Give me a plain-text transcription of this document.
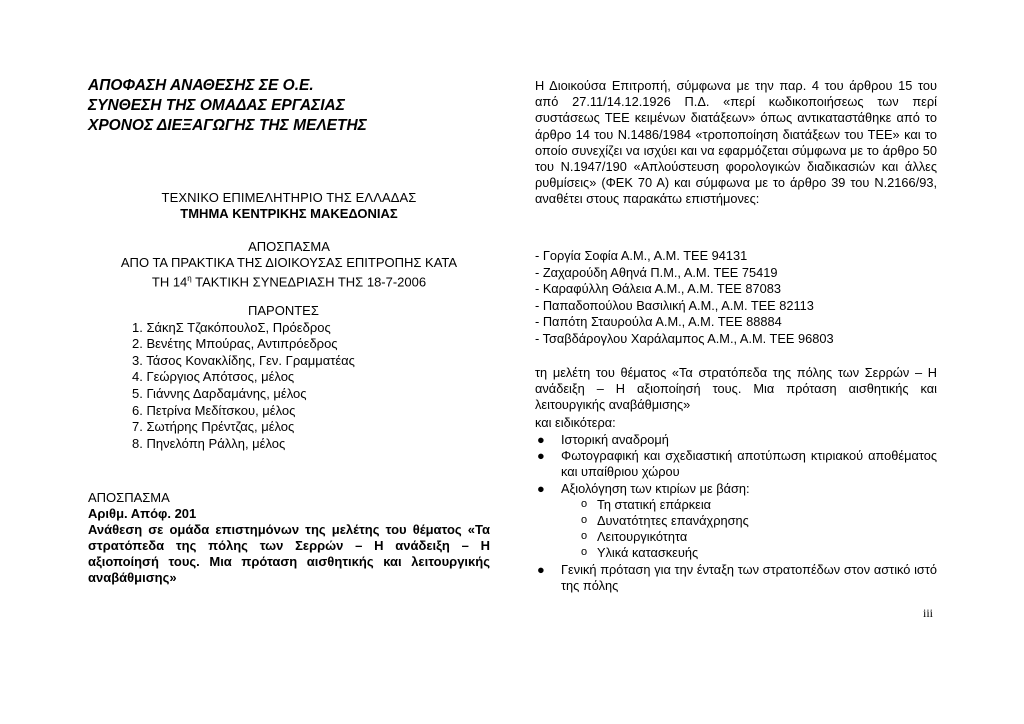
ΑΠΟΦΑΣΗ ΑΝΑΘΕΣΗΣ ΣΕ Ο.Ε.
ΣΥΝΘΕΣΗ ΤΗΣ ΟΜΑΔΑΣ ΕΡΓΑΣΙΑΣ
ΧΡΟΝΟΣ ΔΙΕΞΑΓΩΓΗΣ ΤΗΣ ΜΕΛΕΤΗΣ
ΤΕΧΝΙΚΟ ΕΠΙΜΕΛΗΤΗΡΙΟ ΤΗΣ ΕΛΛΑΔΑΣ
ΤΜΗΜΑ ΚΕΝΤΡΙΚΗΣ ΜΑΚΕΔΟΝΙΑΣ
ΑΠΟΣΠΑΣΜΑ
ΑΠΟ ΤΑ ΠΡΑΚΤΙΚΑ ΤΗΣ ΔΙΟΙΚΟΥΣΑΣ ΕΠΙΤΡΟΠΗΣ ΚΑΤΑ
ΤΗ $14^\eta$ ΤΑΚΤΙΚΗ ΣΥΝΕΔΡΙΑΣΗ ΤΗΣ 18-7-2006
ΠΑΡΟΝΤΕΣ
1. ΣάκηΣ ΤζακόπουλοΣ, Πρόεδρος
2. Βενέτης Μπούρας, Αντιπρόεδρος
3. Τάσος Κονακλίδης, Γεν. Γραμματέας
4. Γεώργιος Απότσος, μέλος
5. Γιάννης Δαρδαμάνης, μέλος
6. Πετρίνα Μεδίτσκου, μέλος
7. Σωτήρης Πρέντζας, μέλος
8. Πηνελόπη Ράλλη, μέλος
ΑΠΟΣΠΑΣΜΑ
Αριθμ. Απόφ. 201
Ανάθεση σε ομάδα επιστημόνων της μελέτης του θέματος «Τα στρατόπεδα της πόλης των Σερρών – Η ανάδειξη – Η αξιοποίησή τους. Μια πρόταση αισθητικής και λειτουργικής αναβάθμισης»
Η Διοικούσα Επιτροπή, σύμφωνα με την παρ. 4 του άρθρου 15 του από 27.11/14.12.1926 Π.Δ. «περί κωδικοποιήσεως των περί συστάσεως ΤΕΕ κειμένων διατάξεων» όπως αντικαταστάθηκε από το άρθρο 14 του Ν.1486/1984 «τροποποίηση διατάξεων του ΤΕΕ» και το οποίο συνεχίζει να ισχύει και να εφαρμόζεται σύμφωνα με το άρθρο 50 του Ν.1947/190 «Απλούστευση φορολογικών διαδικασιών και άλλες ρυθμίσεις» (ΦΕΚ 70 Α) και σύμφωνα με το άρθρο 39 του Ν.2166/93, αναθέτει στους παρακάτω επιστήμονες:
- Γοργία Σοφία Α.Μ., Α.Μ. ΤΕΕ 94131
- Ζαχαρούδη Αθηνά Π.Μ., Α.Μ. ΤΕΕ 75419
- Καραφύλλη Θάλεια Α.Μ., Α.Μ. ΤΕΕ 87083
- Παπαδοπούλου Βασιλική Α.Μ., Α.Μ. ΤΕΕ 82113
- Παπότη Σταυρούλα Α.Μ., Α.Μ. ΤΕΕ 88884
- Τσαβδάρογλου Χαράλαμπος Α.Μ., Α.Μ. ΤΕΕ 96803
τη μελέτη του θέματος «Τα στρατόπεδα της πόλης των Σερρών – Η ανάδειξη – Η αξιοποίησή τους. Μια πρόταση αισθητικής και λειτουργικής αναβάθμισης»
και ειδικότερα:
● Ιστορική αναδρομή
● Φωτογραφική και σχεδιαστική αποτύπωση κτιριακού αποθέματος και υπαίθριου χώρου
● Αξιολόγηση των κτιρίων με βάση:
o Τη στατική επάρκεια
o Δυνατότητες επανάχρησης
o Λειτουργικότητα
o Υλικά κατασκευής
● Γενική πρόταση για την ένταξη των στρατοπέδων στον αστικό ιστό της πόλης
iii
